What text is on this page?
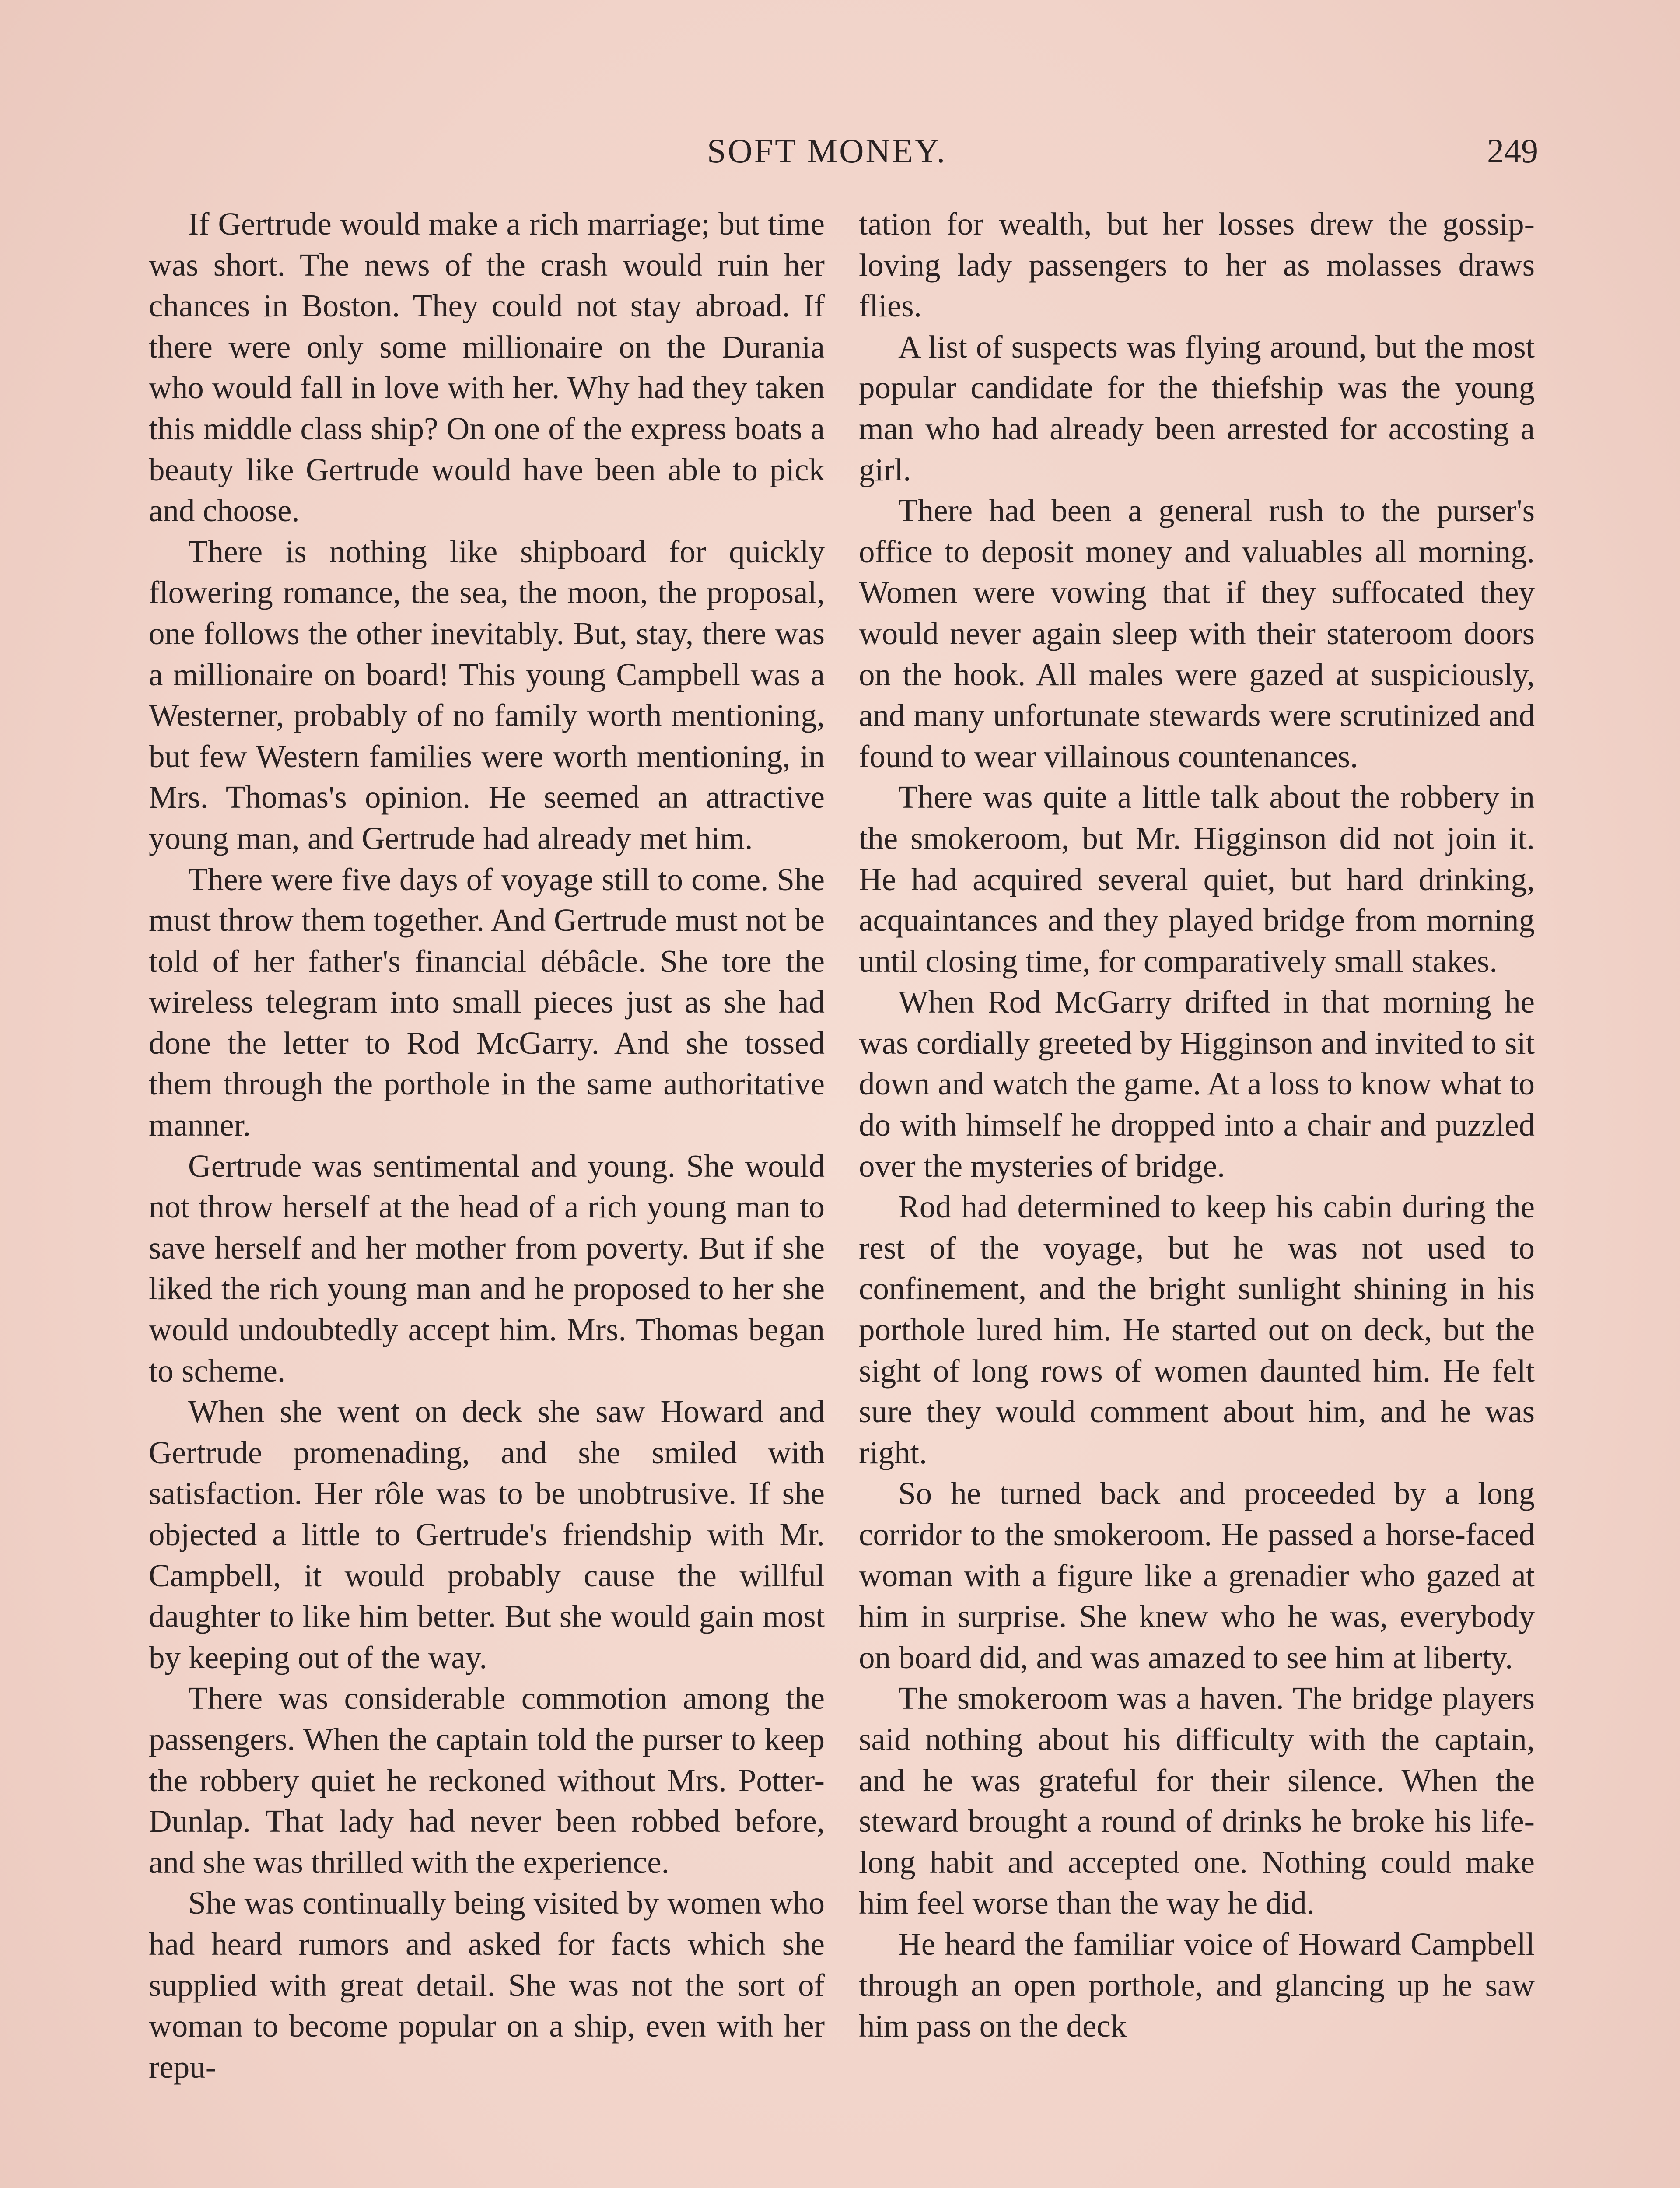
SOFT MONEY.	249

If Gertrude would make a rich marriage; but time was short. The news of the crash would ruin her chances in Boston. They could not stay abroad. If there were only some millionaire on the Durania who would fall in love with her. Why had they taken this middle class ship? On one of the express boats a beauty like Gertrude would have been able to pick and choose.

There is nothing like shipboard for quickly flowering romance, the sea, the moon, the proposal, one follows the other inevitably. But, stay, there was a millionaire on board! This young Campbell was a Westerner, probably of no family worth mentioning, but few Western families were worth mentioning, in Mrs. Thomas's opinion. He seemed an attractive young man, and Gertrude had already met him.

There were five days of voyage still to come. She must throw them together. And Gertrude must not be told of her father's financial débâcle. She tore the wireless telegram into small pieces just as she had done the letter to Rod McGarry. And she tossed them through the porthole in the same authoritative manner.

Gertrude was sentimental and young. She would not throw herself at the head of a rich young man to save herself and her mother from poverty. But if she liked the rich young man and he proposed to her she would undoubtedly accept him. Mrs. Thomas began to scheme.

When she went on deck she saw Howard and Gertrude promenading, and she smiled with satisfaction. Her rôle was to be unobtrusive. If she objected a little to Gertrude's friendship with Mr. Campbell, it would probably cause the willful daughter to like him better. But she would gain most by keeping out of the way.

There was considerable commotion among the passengers. When the captain told the purser to keep the robbery quiet he reckoned without Mrs. Potter-Dunlap. That lady had never been robbed before, and she was thrilled with the experience.

She was continually being visited by women who had heard rumors and asked for facts which she supplied with great detail. She was not the sort of woman to become popular on a ship, even with her repu-

tation for wealth, but her losses drew the gossip-loving lady passengers to her as molasses draws flies.

A list of suspects was flying around, but the most popular candidate for the thiefship was the young man who had already been arrested for accosting a girl.

There had been a general rush to the purser's office to deposit money and valuables all morning. Women were vowing that if they suffocated they would never again sleep with their stateroom doors on the hook. All males were gazed at suspiciously, and many unfortunate stewards were scrutinized and found to wear villainous countenances.

There was quite a little talk about the robbery in the smokeroom, but Mr. Higginson did not join it. He had acquired several quiet, but hard drinking, acquaintances and they played bridge from morning until closing time, for comparatively small stakes.

When Rod McGarry drifted in that morning he was cordially greeted by Higginson and invited to sit down and watch the game. At a loss to know what to do with himself he dropped into a chair and puzzled over the mysteries of bridge.

Rod had determined to keep his cabin during the rest of the voyage, but he was not used to confinement, and the bright sunlight shining in his porthole lured him. He started out on deck, but the sight of long rows of women daunted him. He felt sure they would comment about him, and he was right.

So he turned back and proceeded by a long corridor to the smokeroom. He passed a horse-faced woman with a figure like a grenadier who gazed at him in surprise. She knew who he was, everybody on board did, and was amazed to see him at liberty.

The smokeroom was a haven. The bridge players said nothing about his difficulty with the captain, and he was grateful for their silence. When the steward brought a round of drinks he broke his life-long habit and accepted one. Nothing could make him feel worse than the way he did.

He heard the familiar voice of Howard Campbell through an open porthole, and glancing up he saw him pass on the deck
